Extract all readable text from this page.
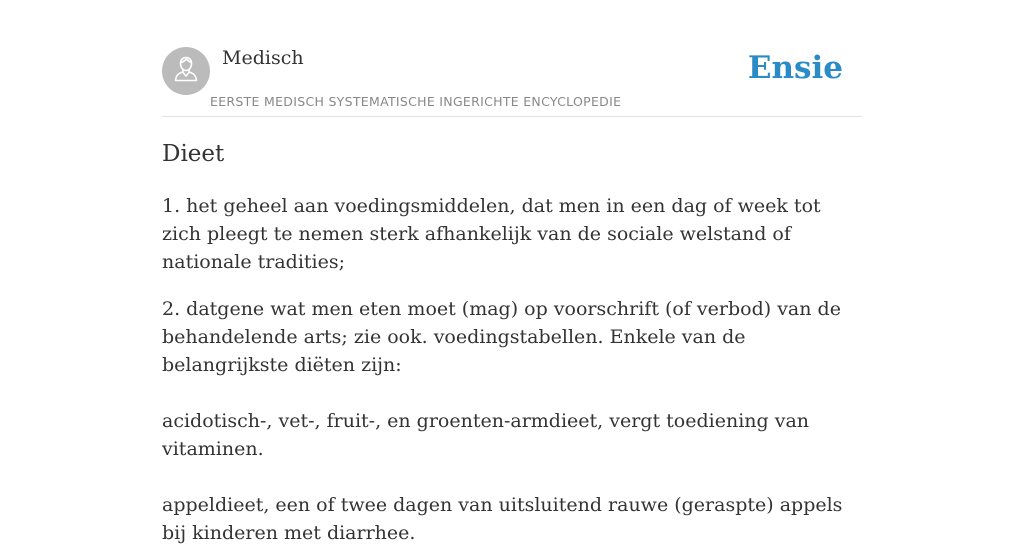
Medisch
EERSTE MEDISCH SYSTEMATISCHE INGERICHTE ENCYCLOPEDIE
Ensie
Dieet

1. het geheel aan voedingsmiddelen, dat men in een dag of week tot zich pleegt te nemen sterk afhankelijk van de sociale welstand of nationale tradities;

2. datgene wat men eten moet (mag) op voorschrift (of verbod) van de behandelende arts; zie ook. voedingstabellen. Enkele van de belangrijkste diëten zijn:

acidotisch-, vet-, fruit-, en groenten-armdieet, vergt toediening van vitaminen.

appeldieet, een of twee dagen van uitsluitend rauwe (geraspte) appels bij kinderen met diarrhee.
